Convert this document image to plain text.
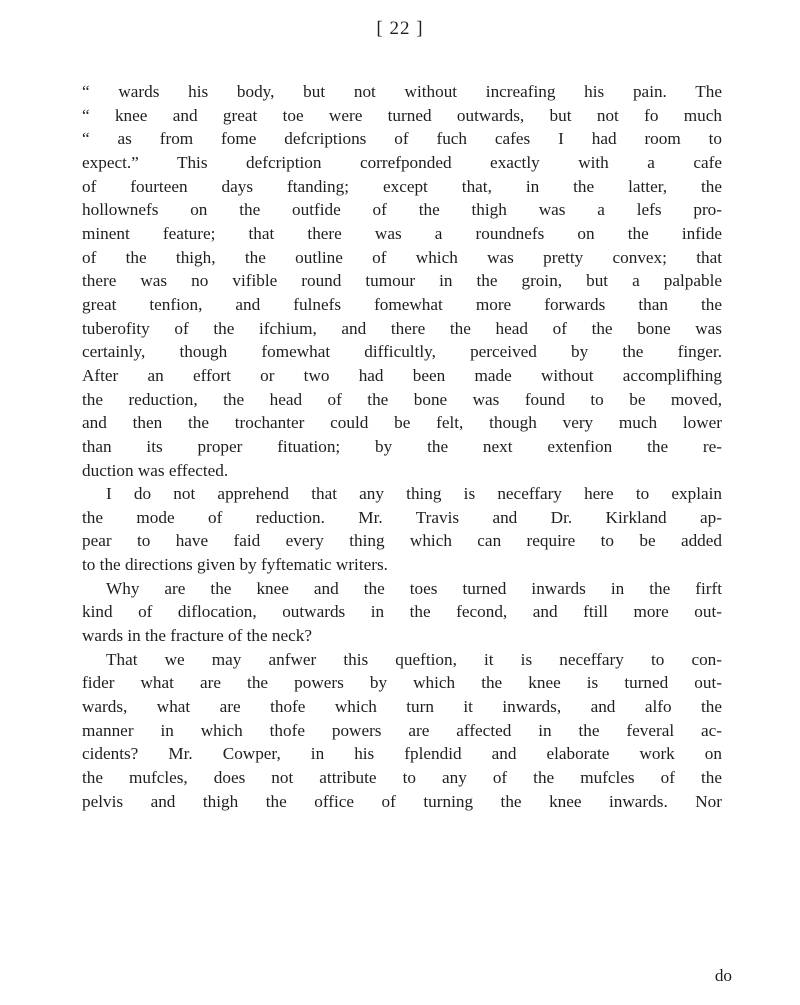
[ 22 ]
“ wards his body, but not without increafing his pain. The
“ knee and great toe were turned outwards, but not fo much
“ as from fome defcriptions of fuch cafes I had room to
expect.” This defcription correfponded exactly with a cafe
of fourteen days ftanding; except that, in the latter, the
hollownefs on the outfide of the thigh was a lefs pro-
minent feature; that there was a roundnefs on the infide
of the thigh, the outline of which was pretty convex; that
there was no vifible round tumour in the groin, but a palpable
great tenfion, and fulnefs fomewhat more forwards than the
tuberofity of the ifchium, and there the head of the bone was
certainly, though fomewhat difficultly, perceived by the finger.
After an effort or two had been made without accomplifhing
the reduction, the head of the bone was found to be moved,
and then the trochanter could be felt, though very much lower
than its proper fituation; by the next extenfion the re-
duction was effected.
I do not apprehend that any thing is neceffary here to explain
the mode of reduction. Mr. Travis and Dr. Kirkland ap-
pear to have faid every thing which can require to be added
to the directions given by fyftematic writers.
Why are the knee and the toes turned inwards in the firft
kind of diflocation, outwards in the fecond, and ftill more out-
wards in the fracture of the neck?
That we may anfwer this queftion, it is neceffary to con-
fider what are the powers by which the knee is turned out-
wards, what are thofe which turn it inwards, and alfo the
manner in which thofe powers are affected in the feveral ac-
cidents? Mr. Cowper, in his fplendid and elaborate work on
the mufcles, does not attribute to any of the mufcles of the
pelvis and thigh the office of turning the knee inwards. Nor
do
